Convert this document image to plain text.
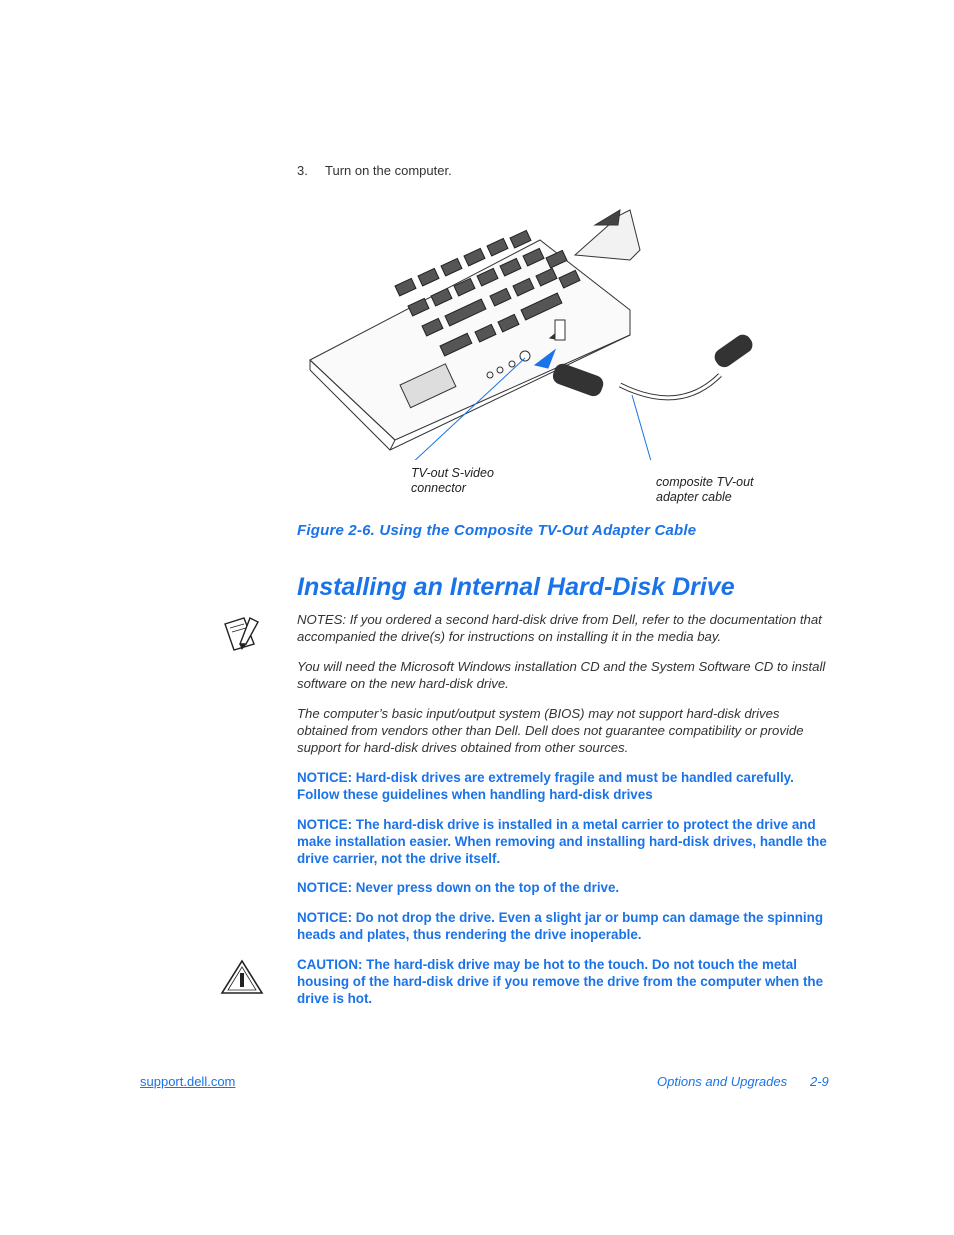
3. Turn on the computer.
TV-out S-video
connector	composite TV-out
adapter cable
Figure 2-6. Using the Composite TV-Out Adapter Cable
Installing an Internal Hard-Disk Drive
NOTES: If you ordered a second hard-disk drive from Dell, refer to the documentation that accompanied the drive(s) for instructions on installing it in the media bay.
You will need the Microsoft Windows installation CD and the System Software CD to install software on the new hard-disk drive.
The computer’s basic input/output system (BIOS) may not support hard-disk drives obtained from vendors other than Dell. Dell does not guarantee compatibility or provide support for hard-disk drives obtained from other sources.
NOTICE: Hard-disk drives are extremely fragile and must be handled carefully. Follow these guidelines when handling hard-disk drives
NOTICE: The hard-disk drive is installed in a metal carrier to protect the drive and make installation easier. When removing and installing hard-disk drives, handle the drive carrier, not the drive itself.
NOTICE: Never press down on the top of the drive.
NOTICE: Do not drop the drive. Even a slight jar or bump can damage the spinning heads and plates, thus rendering the drive inoperable.
CAUTION: The hard-disk drive may be hot to the touch. Do not touch the metal housing of the hard-disk drive if you remove the drive from the computer when the drive is hot.
support.dell.com	Options and Upgrades 2-9
